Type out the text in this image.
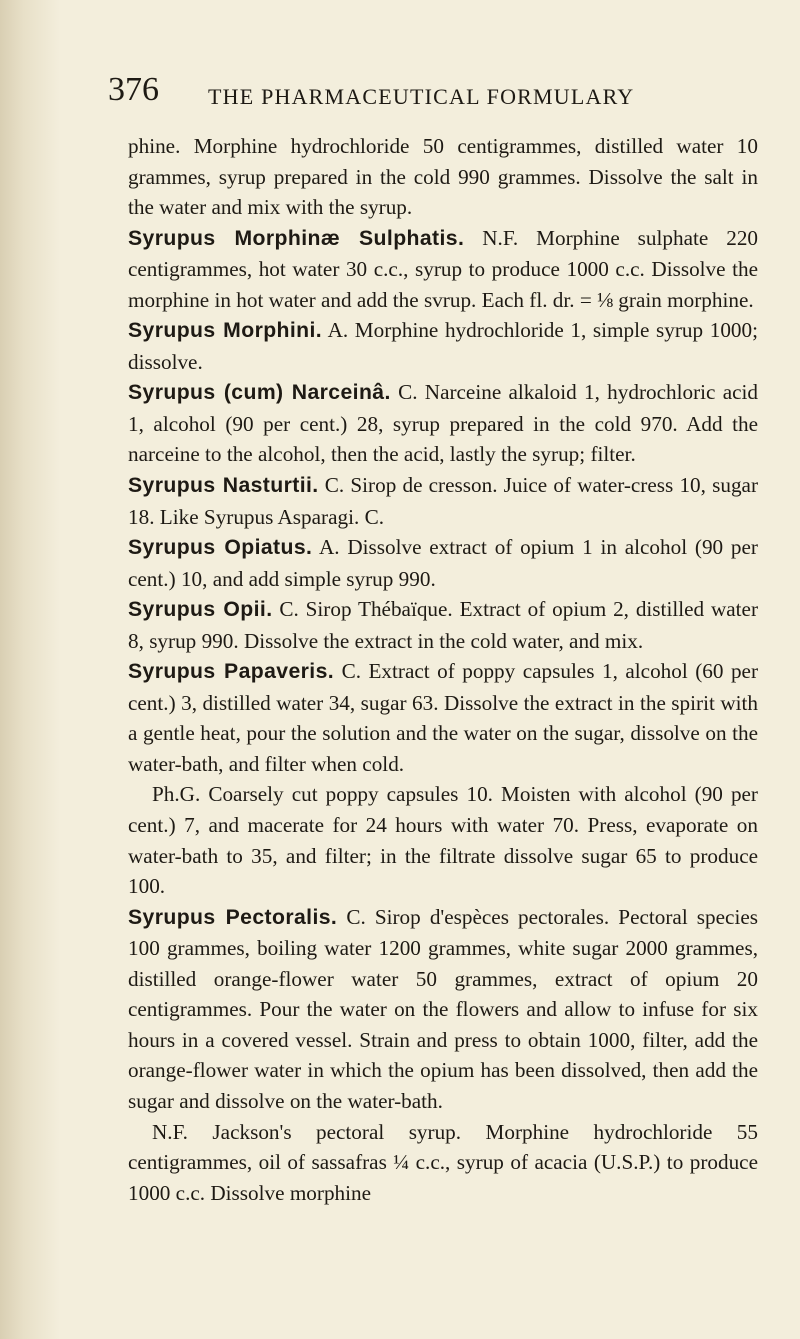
376 THE PHARMACEUTICAL FORMULARY

phine. Morphine hydrochloride 50 centigrammes, distilled water 10 grammes, syrup prepared in the cold 990 grammes. Dissolve the salt in the water and mix with the syrup.

Syrupus Morphinæ Sulphatis. N.F. Morphine sulphate 220 centigrammes, hot water 30 c.c., syrup to produce 1000 c.c. Dissolve the morphine in hot water and add the svrup. Each fl. dr. = ⅛ grain morphine.

Syrupus Morphini. A. Morphine hydrochloride 1, simple syrup 1000; dissolve.

Syrupus (cum) Narceinâ. C. Narceine alkaloid 1, hydrochloric acid 1, alcohol (90 per cent.) 28, syrup prepared in the cold 970. Add the narceine to the alcohol, then the acid, lastly the syrup; filter.

Syrupus Nasturtii. C. Sirop de cresson. Juice of water-cress 10, sugar 18. Like Syrupus Asparagi. C.

Syrupus Opiatus. A. Dissolve extract of opium 1 in alcohol (90 per cent.) 10, and add simple syrup 990.

Syrupus Opii. C. Sirop Thébaïque. Extract of opium 2, distilled water 8, syrup 990. Dissolve the extract in the cold water, and mix.

Syrupus Papaveris. C. Extract of poppy capsules 1, alcohol (60 per cent.) 3, distilled water 34, sugar 63. Dissolve the extract in the spirit with a gentle heat, pour the solution and the water on the sugar, dissolve on the water-bath, and filter when cold.
Ph.G. Coarsely cut poppy capsules 10. Moisten with alcohol (90 per cent.) 7, and macerate for 24 hours with water 70. Press, evaporate on water-bath to 35, and filter; in the filtrate dissolve sugar 65 to produce 100.

Syrupus Pectoralis. C. Sirop d'espèces pectorales. Pectoral species 100 grammes, boiling water 1200 grammes, white sugar 2000 grammes, distilled orange-flower water 50 grammes, extract of opium 20 centigrammes. Pour the water on the flowers and allow to infuse for six hours in a covered vessel. Strain and press to obtain 1000, filter, add the orange-flower water in which the opium has been dissolved, then add the sugar and dissolve on the water-bath.
N.F. Jackson's pectoral syrup. Morphine hydrochloride 55 centigrammes, oil of sassafras ¼ c.c., syrup of acacia (U.S.P.) to produce 1000 c.c. Dissolve morphine
